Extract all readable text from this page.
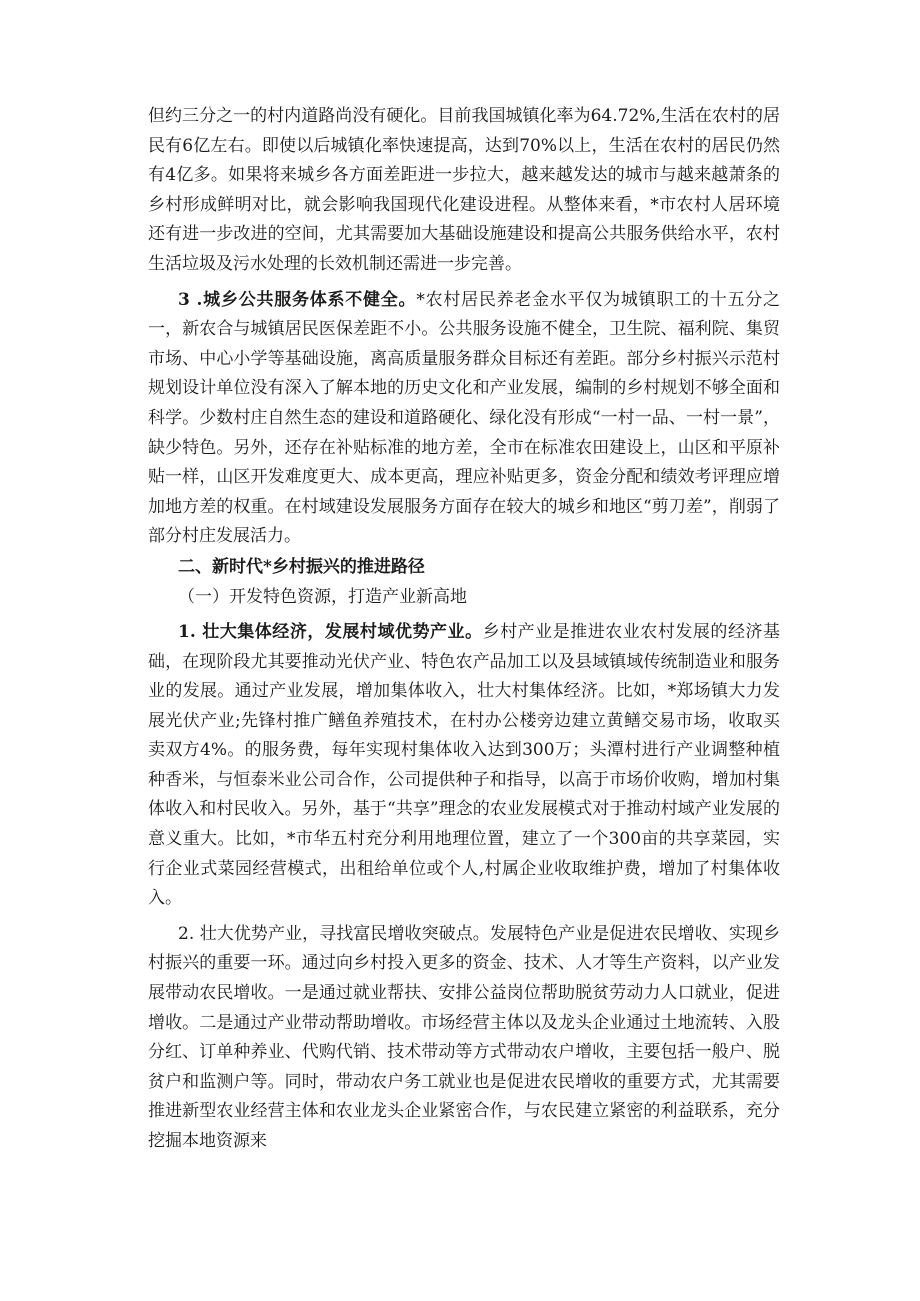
但约三分之一的村内道路尚没有硬化。目前我国城镇化率为64.72%,生活在农村的居民有6亿左右。即使以后城镇化率快速提高，达到70%以上，生活在农村的居民仍然有4亿多。如果将来城乡各方面差距进一步拉大，越来越发达的城市与越来越萧条的乡村形成鲜明对比，就会影响我国现代化建设进程。从整体来看，*市农村人居环境还有进一步改进的空间，尤其需要加大基础设施建设和提高公共服务供给水平，农村生活垃圾及污水处理的长效机制还需进一步完善。

3 .城乡公共服务体系不健全。*农村居民养老金水平仅为城镇职工的十五分之一，新农合与城镇居民医保差距不小。公共服务设施不健全，卫生院、福利院、集贸市场、中心小学等基础设施，离高质量服务群众目标还有差距。部分乡村振兴示范村规划设计单位没有深入了解本地的历史文化和产业发展，编制的乡村规划不够全面和科学。少数村庄自然生态的建设和道路硬化、绿化没有形成“一村一品、一村一景”，缺少特色。另外，还存在补贴标准的地方差，全市在标准农田建设上，山区和平原补贴一样，山区开发难度更大、成本更高，理应补贴更多，资金分配和绩效考评理应增加地方差的权重。在村域建设发展服务方面存在较大的城乡和地区“剪刀差”，削弱了部分村庄发展活力。

二、新时代*乡村振兴的推进路径

（一）开发特色资源，打造产业新高地

1. 壮大集体经济，发展村域优势产业。乡村产业是推进农业农村发展的经济基础，在现阶段尤其要推动光伏产业、特色农产品加工以及县域镇域传统制造业和服务业的发展。通过产业发展，增加集体收入，壮大村集体经济。比如，*郑场镇大力发展光伏产业;先锋村推广鳝鱼养殖技术，在村办公楼旁边建立黄鳝交易市场，收取买卖双方4%。的服务费，每年实现村集体收入达到300万；头潭村进行产业调整种植种香米，与恒泰米业公司合作，公司提供种子和指导，以高于市场价收购，增加村集体收入和村民收入。另外，基于“共享”理念的农业发展模式对于推动村域产业发展的意义重大。比如，*市华五村充分利用地理位置，建立了一个300亩的共享菜园，实行企业式菜园经营模式，出租给单位或个人,村属企业收取维护费，增加了村集体收入。

2. 壮大优势产业，寻找富民增收突破点。发展特色产业是促进农民增收、实现乡村振兴的重要一环。通过向乡村投入更多的资金、技术、人才等生产资料，以产业发展带动农民增收。一是通过就业帮扶、安排公益岗位帮助脱贫劳动力人口就业，促进增收。二是通过产业带动帮助增收。市场经营主体以及龙头企业通过土地流转、入股分红、订单种养业、代购代销、技术带动等方式带动农户增收，主要包括一般户、脱贫户和监测户等。同时，带动农户务工就业也是促进农民增收的重要方式，尤其需要推进新型农业经营主体和农业龙头企业紧密合作，与农民建立紧密的利益联系，充分挖掘本地资源来
